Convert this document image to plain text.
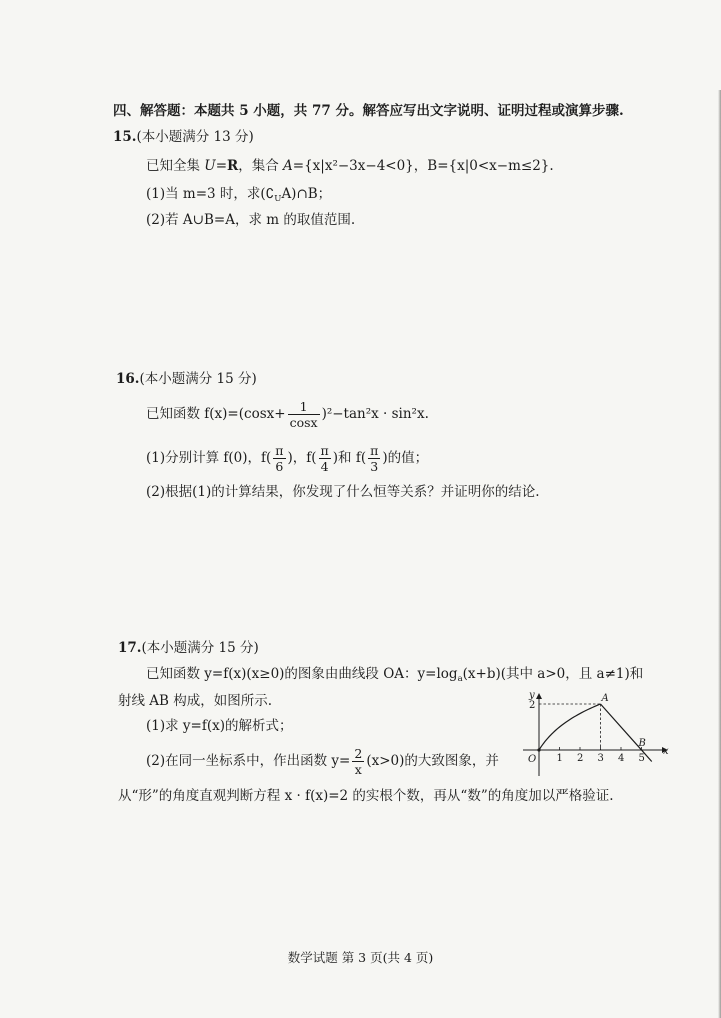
四、解答题：本题共 5 小题，共 77 分。解答应写出文字说明、证明过程或演算步骤.
15.(本小题满分 13 分)
已知全集 U=R，集合 A={x|x²−3x−4<0}，B={x|0<x−m≤2}.
(1)当 m=3 时，求$(∁_UA)\cap B$；
(2)若 A∪B=A，求 m 的取值范围.
16.(本小题满分 15 分)
已知函数 $f(x)=(\cos x+ \frac{1}{\cos x} )^2-\tan^2x \cdot \sin^2x$.
(1)分别计算 f(0)，$f( \frac{\pi}{6}$ )，$f( \frac{\pi}{4}$ )和 $f( \frac{\pi}{3}$ )的值；
(2)根据(1)的计算结果，你发现了什么恒等关系？并证明你的结论.
17.(本小题满分 15 分)
已知函数 y=f(x)(x≥0)的图象由曲线段 OA：$y=\log_a(x+b)$(其中 a>0，且 a≠1)和
射线 AB 构成，如图所示.
(1)求 y=f(x)的解析式；
(2)在同一坐标系中，作出函数 $y= \frac{2}{x} (x>0)$的大致图象，并
从“形”的角度直观判断方程 x · f(x)=2 的实根个数，再从“数”的角度加以严格验证.
y
x
O
A
B
2
1 2 3 4 5
数学试题 第 3 页(共 4 页)
